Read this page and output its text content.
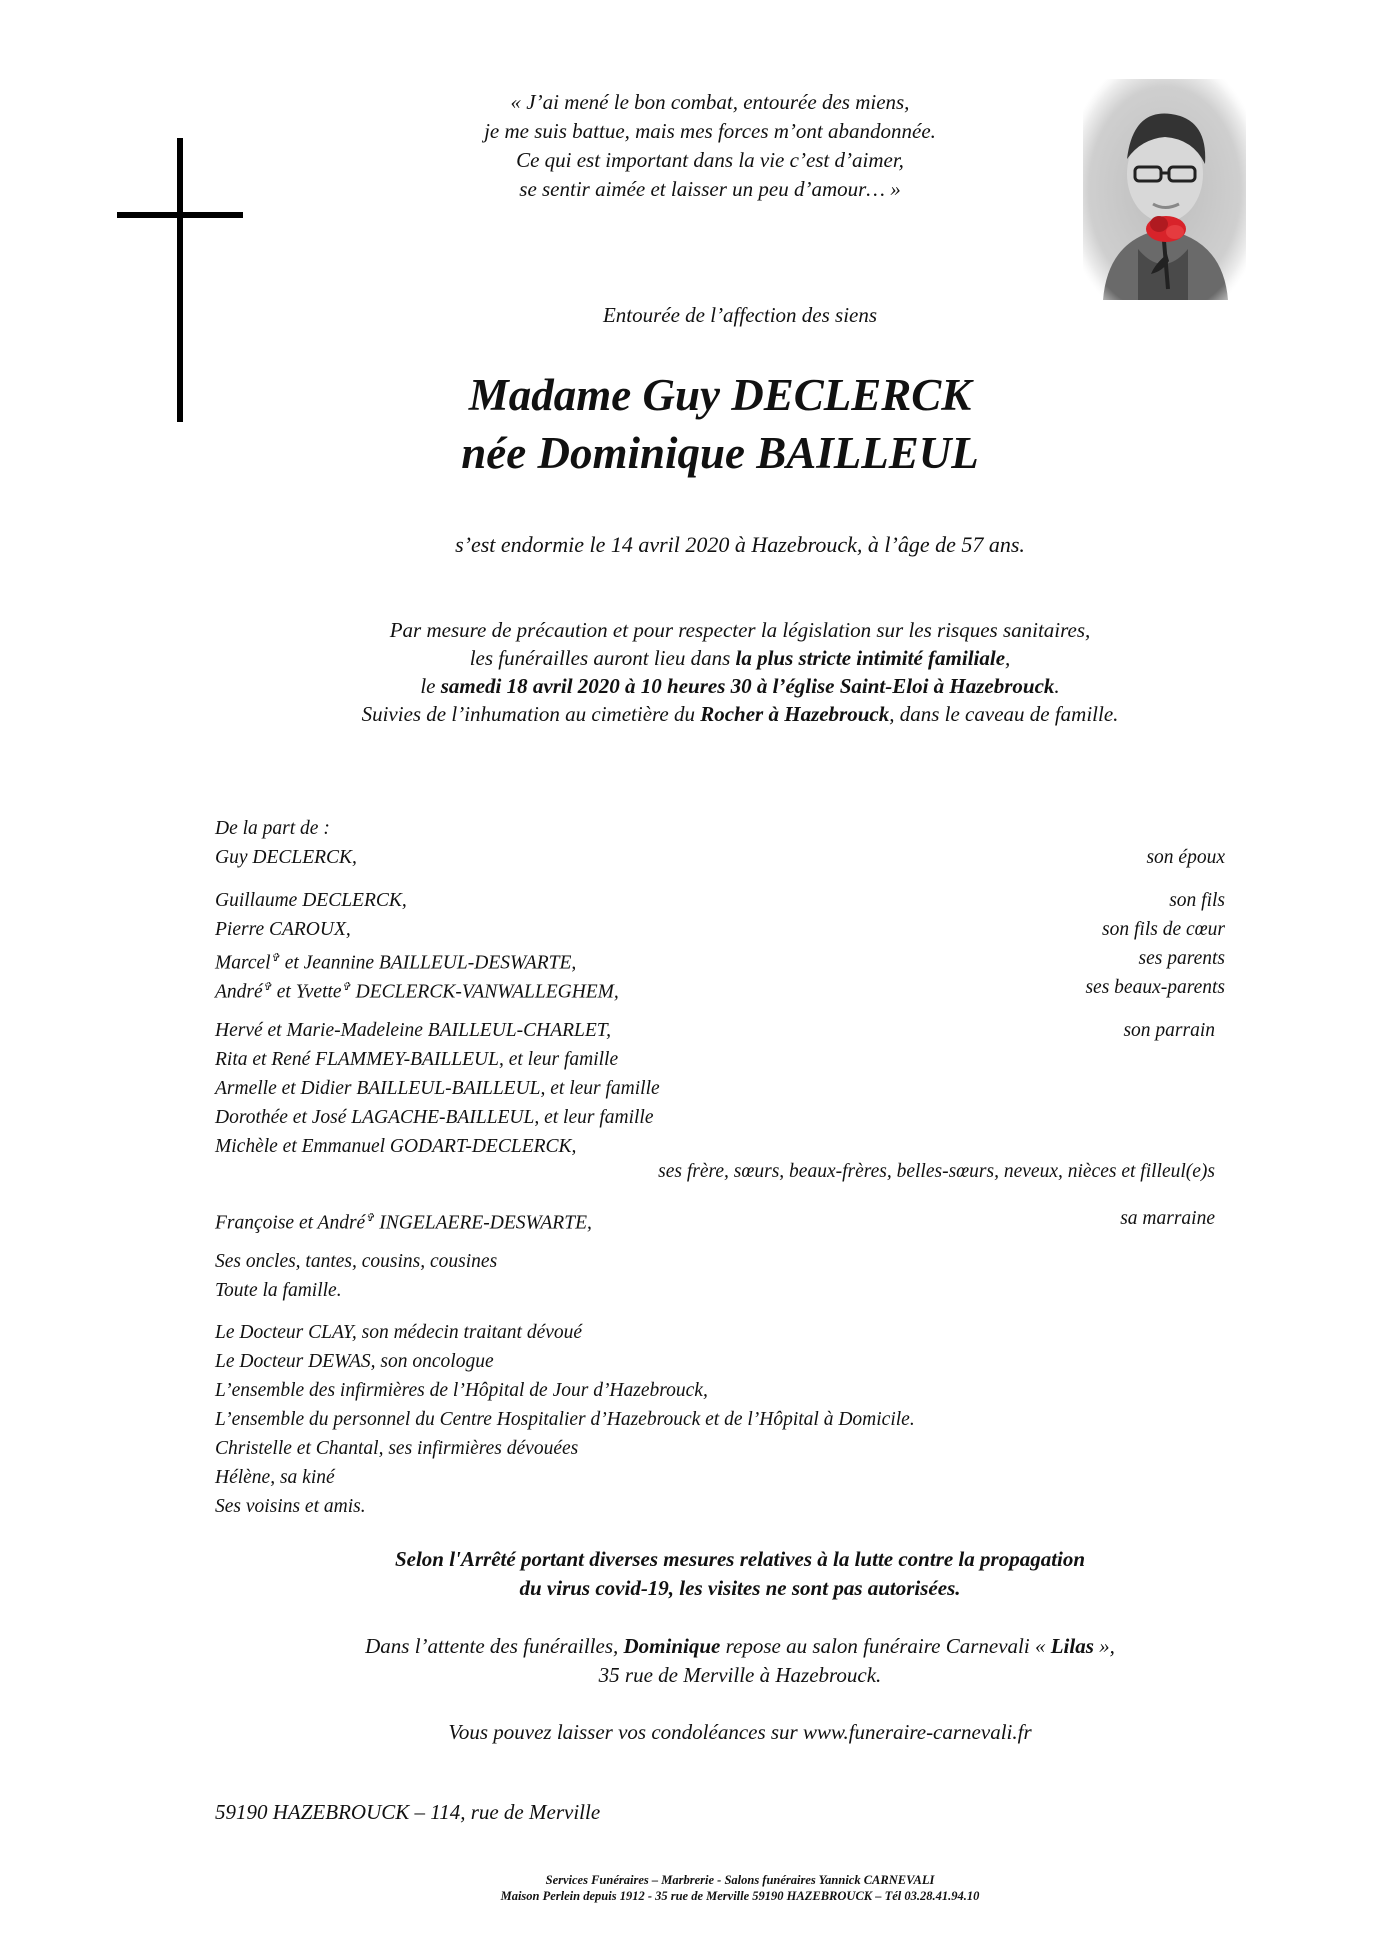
« J’ai mené le bon combat, entourée des miens,
je me suis battue, mais mes forces m’ont abandonnée.
Ce qui est important dans la vie c’est d’aimer,
se sentir aimée et laisser un peu d’amour… »
Entourée de l’affection des siens
Madame Guy DECLERCK
née Dominique BAILLEUL
s’est endormie le 14 avril 2020 à Hazebrouck, à l’âge de 57 ans.
Par mesure de précaution et pour respecter la législation sur les risques sanitaires,
les funérailles auront lieu dans la plus stricte intimité familiale,
le samedi 18 avril 2020 à 10 heures 30 à l’église Saint-Eloi à Hazebrouck.
Suivies de l’inhumation au cimetière du Rocher à Hazebrouck, dans le caveau de famille.
De la part de :
Guy DECLERCK,	son époux
Guillaume DECLERCK,	son fils
Pierre CAROUX,	son fils de cœur
Marcel✞ et Jeannine BAILLEUL-DESWARTE,	ses parents
André✞ et Yvette✞ DECLERCK-VANWALLEGHEM,	ses beaux-parents
Hervé et Marie-Madeleine BAILLEUL-CHARLET,	son parrain
Rita et René FLAMMEY-BAILLEUL, et leur famille
Armelle et Didier BAILLEUL-BAILLEUL, et leur famille
Dorothée et José LAGACHE-BAILLEUL, et leur famille
Michèle et Emmanuel GODART-DECLERCK,
ses frère, sœurs, beaux-frères, belles-sœurs, neveux, nièces et filleul(e)s
Françoise et André✞ INGELAERE-DESWARTE,	sa marraine
Ses oncles, tantes, cousins, cousines
Toute la famille.
Le Docteur CLAY, son médecin traitant dévoué
Le Docteur DEWAS, son oncologue
L’ensemble des infirmières de l’Hôpital de Jour d’Hazebrouck,
L’ensemble du personnel du Centre Hospitalier d’Hazebrouck et de l’Hôpital à Domicile.
Christelle et Chantal, ses infirmières dévouées
Hélène, sa kiné
Ses voisins et amis.
Selon l'Arrêté portant diverses mesures relatives à la lutte contre la propagation
du virus covid-19, les visites ne sont pas autorisées.
Dans l’attente des funérailles, Dominique repose au salon funéraire Carnevali « Lilas »,
35 rue de Merville à Hazebrouck.
Vous pouvez laisser vos condoléances sur www.funeraire-carnevali.fr
59190 HAZEBROUCK – 114, rue de Merville
Services Funéraires – Marbrerie - Salons funéraires Yannick CARNEVALI
Maison Perlein depuis 1912 - 35 rue de Merville 59190 HAZEBROUCK – Tél 03.28.41.94.10
